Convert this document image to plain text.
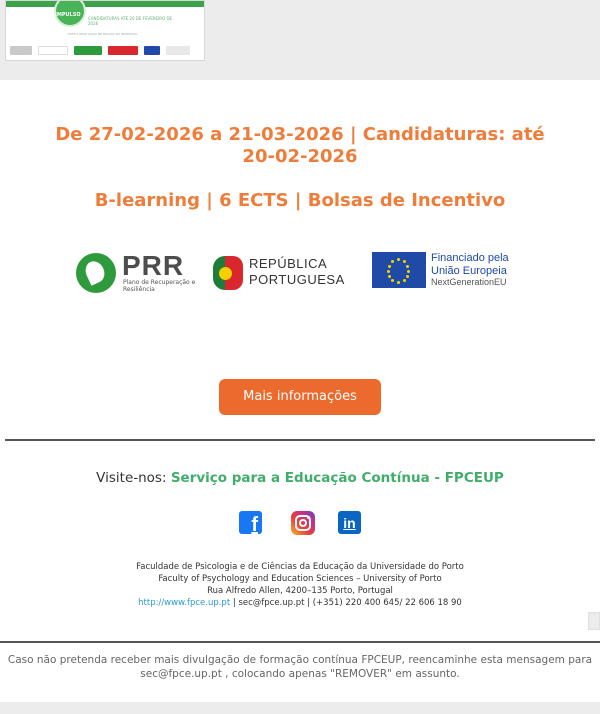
IMPULSO
CANDIDATURAS ATÉ 20 DE FEVEREIRO DE 2026
ESTE CURSO GOZA DE BOLSAS DE INCENTIVO
De 27-02-2026 a 21-03-2026 | Candidaturas: até 20-02-2026
B-learning | 6 ECTS | Bolsas de Incentivo
PRR
Plano de Recuperação e Resiliência
REPÚBLICA
PORTUGUESA
Financiado pela
União Europeia
NextGenerationEU
Mais informações
Visite-nos: Serviço para a Educação Contínua - FPCEUP
f	in
Faculdade de Psicologia e de Ciências da Educação da Universidade do Porto
Faculty of Psychology and Education Sciences – University of Porto
Rua Alfredo Allen, 4200–135 Porto, Portugal
http://www.fpce.up.pt | sec@fpce.up.pt | (+351) 220 400 645/ 22 606 18 90

Caso não pretenda receber mais divulgação de formação contínua FPCEUP, reencaminhe esta mensagem para sec@fpce.up.pt , colocando apenas "REMOVER" em assunto.
